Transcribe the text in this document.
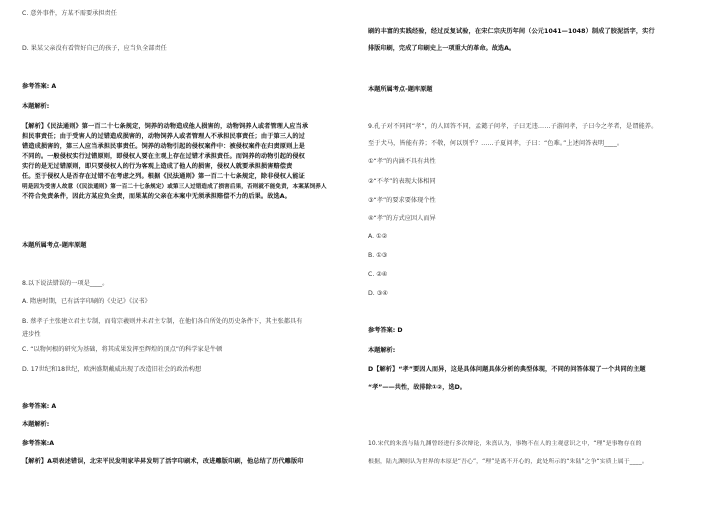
C. 意外事件，方某不需要承担责任
D. 果某父亲没有看管好自己的孩子，应当负全部责任
参考答案: A
本题解析:
【解析】《民法通则》第一百二十七条规定，饲养的动物造成他人损害的，动物饲养人或者管理人应当承
担民事责任；由于受害人的过错造成损害的，动物饲养人或者管理人不承担民事责任；由于第三人的过
错造成损害的，第三人应当承担民事责任。饲养的动物引起的侵权案件中：被侵权案件在归责原则上是
不同的。一般侵权实行过错原则，即侵权人要在主观上存在过错才承担责任。而饲养的动物引起的侵权
实行的是无过错原则，即只要侵权人的行为客观上造成了他人的损害，侵权人就要承担损害赔偿责
任。至于侵权人是否存在过错不在考虑之列。根据《民法通则》第一百二十七条规定，除非侵权人能证
明是因为受害人故意（《民法通则》第一百二十七条规定）或第三人过错造成了损害后果，否则就不能免责，本案某饲养人
不符合免责条件，因此方某应负全责，而果某的父亲在本案中无须承担赔偿不力的后果。故选A。
本题所属考点-题库原题
8.以下说法错误的一项是____。
A. 隋唐时期，已有活字印刷的《史记》《汉书》
B. 蔡孝子主张建立君主专制，而荀宗羲则并未君主专制，在他们各自所处的历史条件下，其主张都具有
进步性
C. “以物何根的研究为基础，将其成果发挥至辉煌的顶点”的科学家是牛顿
D. 17世纪和18世纪，欧洲盛期戴威出现了改造旧社会的政治构想
参考答案: A
本题解析:
参考答案:A
【解析】A项表述错误，北宋平民发明家毕昇发明了活字印刷术，改进雕版印刷，他总结了历代雕版印
刷的丰富的实践经验，经过反复试验，在宋仁宗庆历年间（公元1041—1048）制成了胶泥活字，实行
排版印刷，完成了印刷史上一项重大的革命。故选A。
本题所属考点-题库原题
9.孔子对不同问“孝”，的人回答不同，孟懿子问孝，子曰无违……子游问孝，子曰今之孝者，是谓能养。
至于犬马，皆能有养；不敬，何以别乎？……子夏问孝，子曰：“色难。”上述问答表明____。
①“孝”的内涵不具有共性
②“不孝”的表现大体相同
③“孝”的要求要体现个性
④“孝”的方式应因人而异
A. ①②
B. ①③
C. ②④
D. ③④
参考答案: D
本题解析:
D【解析】“孝”要因人而异，这是具体问题具体分析的典型体现，不同的问答体现了一个共同的主题
“孝”——共性，故排除①②，选D。
10.宋代的朱熹与陆九渊曾经进行多次辩论，朱熹认为，事物不在人的主观意识之中，“理”是事物存在的
根据，陆九渊则认为世界的本原是“吾心”，“理”是离不开心的，此处所示的“朱陆”之争“实质上属于____。
